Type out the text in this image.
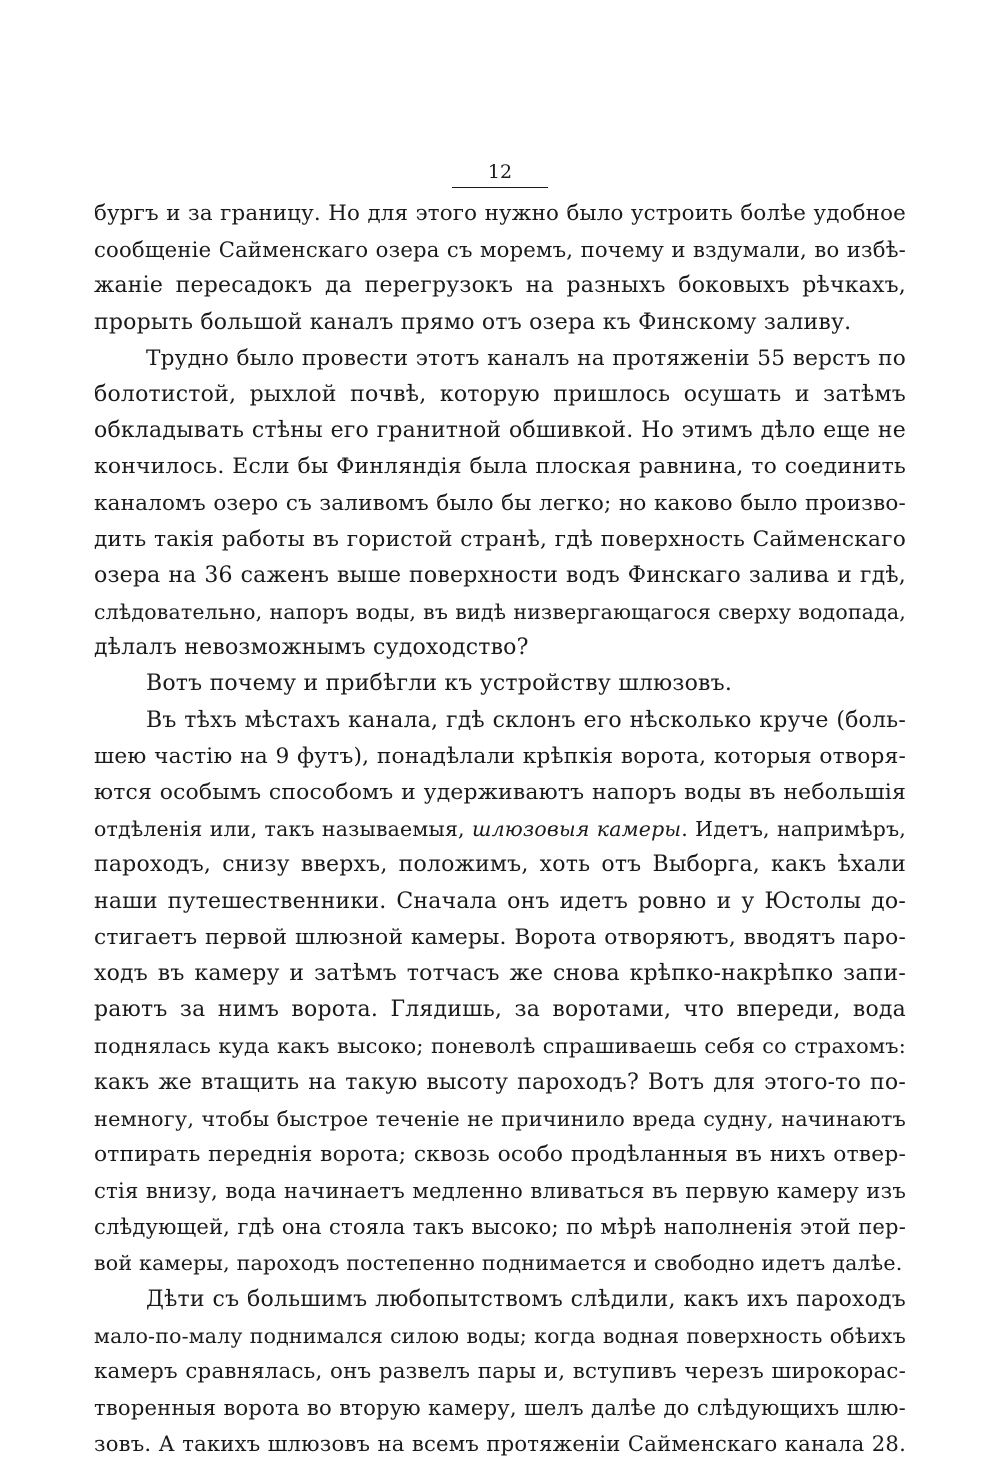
12
бургъ и за границу. Но для этого нужно было устроить болѣе удобное
сообщеніе Сайменскаго озера съ моремъ, почему и вздумали, во избѣ-
жаніе пересадокъ да перегрузокъ на разныхъ боковыхъ рѣчкахъ,
прорыть большой каналъ прямо отъ озера къ Финскому заливу.
Трудно было провести этотъ каналъ на протяженіи 55 верстъ по
болотистой, рыхлой почвѣ, которую пришлось осушать и затѣмъ
обкладывать стѣны его гранитной обшивкой. Но этимъ дѣло еще не
кончилось. Если бы Финляндія была плоская равнина, то соединить
каналомъ озеро съ заливомъ было бы легко; но каково было произво-
дить такія работы въ гористой странѣ, гдѣ поверхность Сайменскаго
озера на 36 саженъ выше поверхности водъ Финскаго залива и гдѣ,
слѣдовательно, напоръ воды, въ видѣ низвергающагося сверху водопада,
дѣлалъ невозможнымъ судоходство?
Вотъ почему и прибѣгли къ устройству шлюзовъ.
Въ тѣхъ мѣстахъ канала, гдѣ склонъ его нѣсколько круче (боль-
шею частію на 9 футъ), понадѣлали крѣпкія ворота, которыя отворя-
ются особымъ способомъ и удерживаютъ напоръ воды въ небольшія
отдѣленія или, такъ называемыя, шлюзовыя камеры. Идетъ, напримѣръ,
пароходъ, снизу вверхъ, положимъ, хоть отъ Выборга, какъ ѣхали
наши путешественники. Сначала онъ идетъ ровно и у Юстолы до-
стигаетъ первой шлюзной камеры. Ворота отворяютъ, вводятъ паро-
ходъ въ камеру и затѣмъ тотчасъ же снова крѣпко-накрѣпко запи-
раютъ за нимъ ворота. Глядишь, за воротами, что впереди, вода
поднялась куда какъ высоко; поневолѣ спрашиваешь себя со страхомъ:
какъ же втащить на такую высоту пароходъ? Вотъ для этого-то по-
немногу, чтобы быстрое теченіе не причинило вреда судну, начинаютъ
отпирать переднія ворота; сквозь особо продѣланныя въ нихъ отвер-
стія внизу, вода начинаетъ медленно вливаться въ первую камеру изъ
слѣдующей, гдѣ она стояла такъ высоко; по мѣрѣ наполненія этой пер-
вой камеры, пароходъ постепенно поднимается и свободно идетъ далѣе.
Дѣти съ большимъ любопытствомъ слѣдили, какъ ихъ пароходъ
мало-по-малу поднимался силою воды; когда водная поверхность обѣихъ
камеръ сравнялась, онъ развелъ пары и, вступивъ черезъ широкорас-
творенныя ворота во вторую камеру, шелъ далѣе до слѣдующихъ шлю-
зовъ. А такихъ шлюзовъ на всемъ протяженіи Сайменскаго канала 28.
